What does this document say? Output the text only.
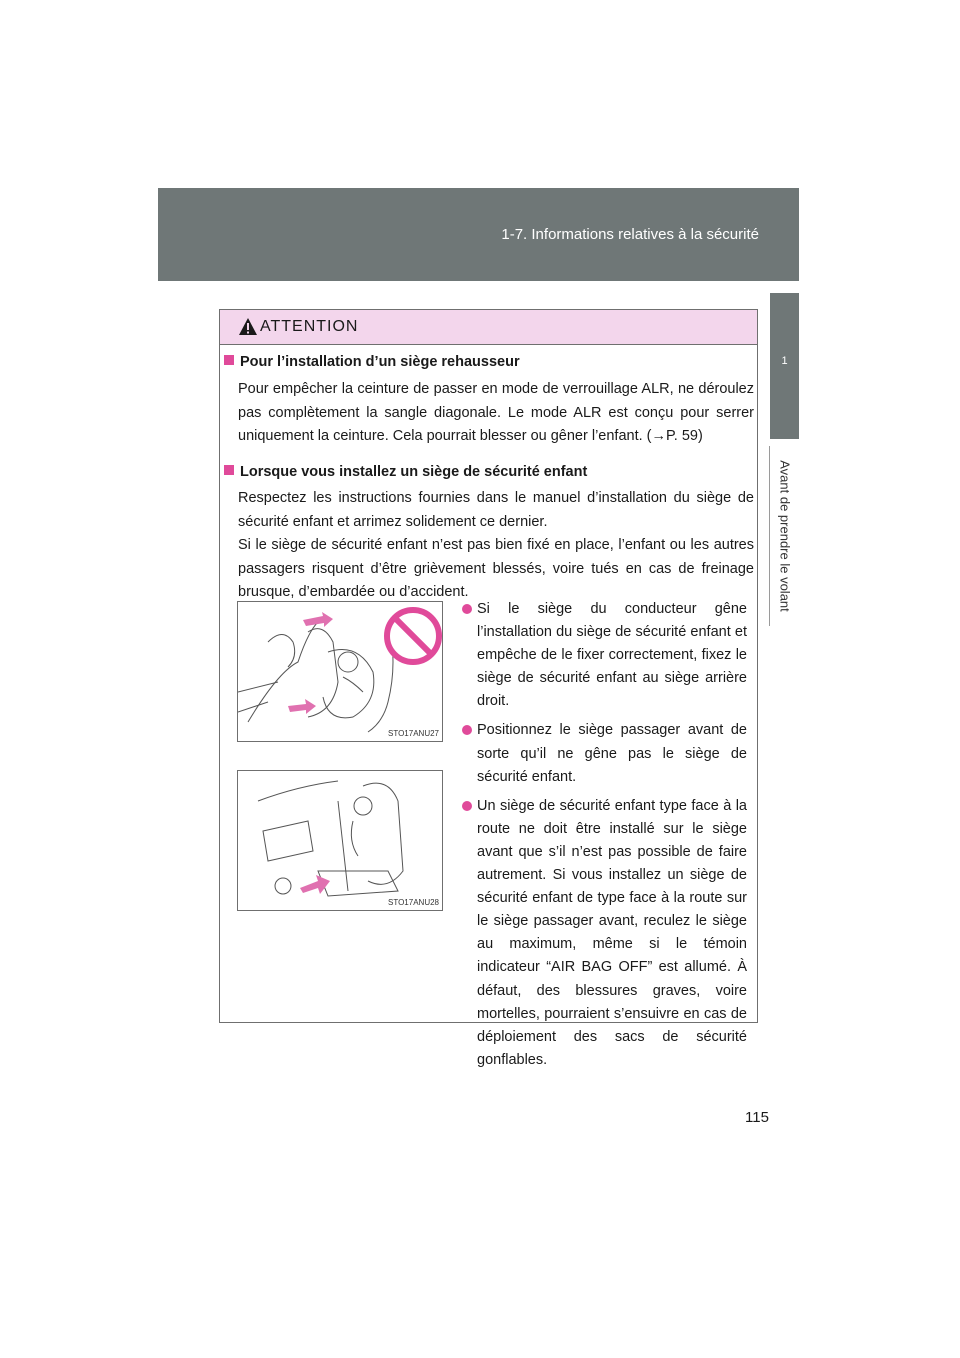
1-7. Informations relatives à la sécurité
1
Avant de prendre le volant
ATTENTION
Pour l’installation d’un siège rehausseur
Pour empêcher la ceinture de passer en mode de verrouillage ALR, ne déroulez pas complètement la sangle diagonale. Le mode ALR est conçu pour serrer uniquement la ceinture. Cela pourrait blesser ou gêner l’enfant. (→P. 59)
Lorsque vous installez un siège de sécurité enfant
Respectez les instructions fournies dans le manuel d’installation du siège de sécurité enfant et arrimez solidement ce dernier.
Si le siège de sécurité enfant n’est pas bien fixé en place, l’enfant ou les autres passagers risquent d’être grièvement blessés, voire tués en cas de freinage brusque, d’embardée ou d’accident.
STO17ANU27
STO17ANU28
Si le siège du conducteur gêne l’installation du siège de sécurité enfant et empêche de le fixer correctement, fixez le siège de sécurité enfant au siège arrière droit.
Positionnez le siège passager avant de sorte qu’il ne gêne pas le siège de sécurité enfant.
Un siège de sécurité enfant type face à la route ne doit être installé sur le siège avant que s’il n’est pas possible de faire autrement. Si vous installez un siège de sécurité enfant de type face à la route sur le siège passager avant, reculez le siège au maximum, même si le témoin indicateur “AIR BAG OFF” est allumé. À défaut, des blessures graves, voire mortelles, pourraient s’ensuivre en cas de déploiement des sacs de sécurité gonflables.
115
